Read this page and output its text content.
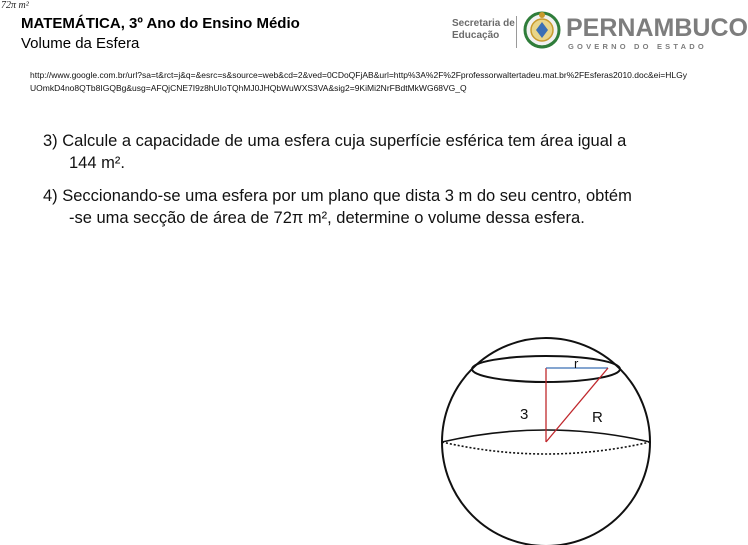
72π m²
MATEMÁTICA, 3º Ano do Ensino Médio
Volume da Esfera
Secretaria de
Educação	PERNAMBUCO
GOVERNO DO ESTADO
http://www.google.com.br/url?sa=t&rct=j&q=&esrc=s&source=web&cd=2&ved=0CDoQFjAB&url=http%3A%2F%2Fprofessorwaltertadeu.mat.br%2FEsferas2010.doc&ei=HLGyUOmkD4no8QTb8IGQBg&usg=AFQjCNE7I9z8hUIoTQhMJ0JHQbWuWXS3VA&sig2=9KiMi2NrFBdtMkWG68VG_Q
3) Calcule a capacidade de uma esfera cuja superfície esférica tem área igual a
144 m².
4) Seccionando-se uma esfera por um plano que dista 3 m do seu centro, obtém
-se uma secção de área de 72π m², determine o volume dessa esfera.
r
3	R
